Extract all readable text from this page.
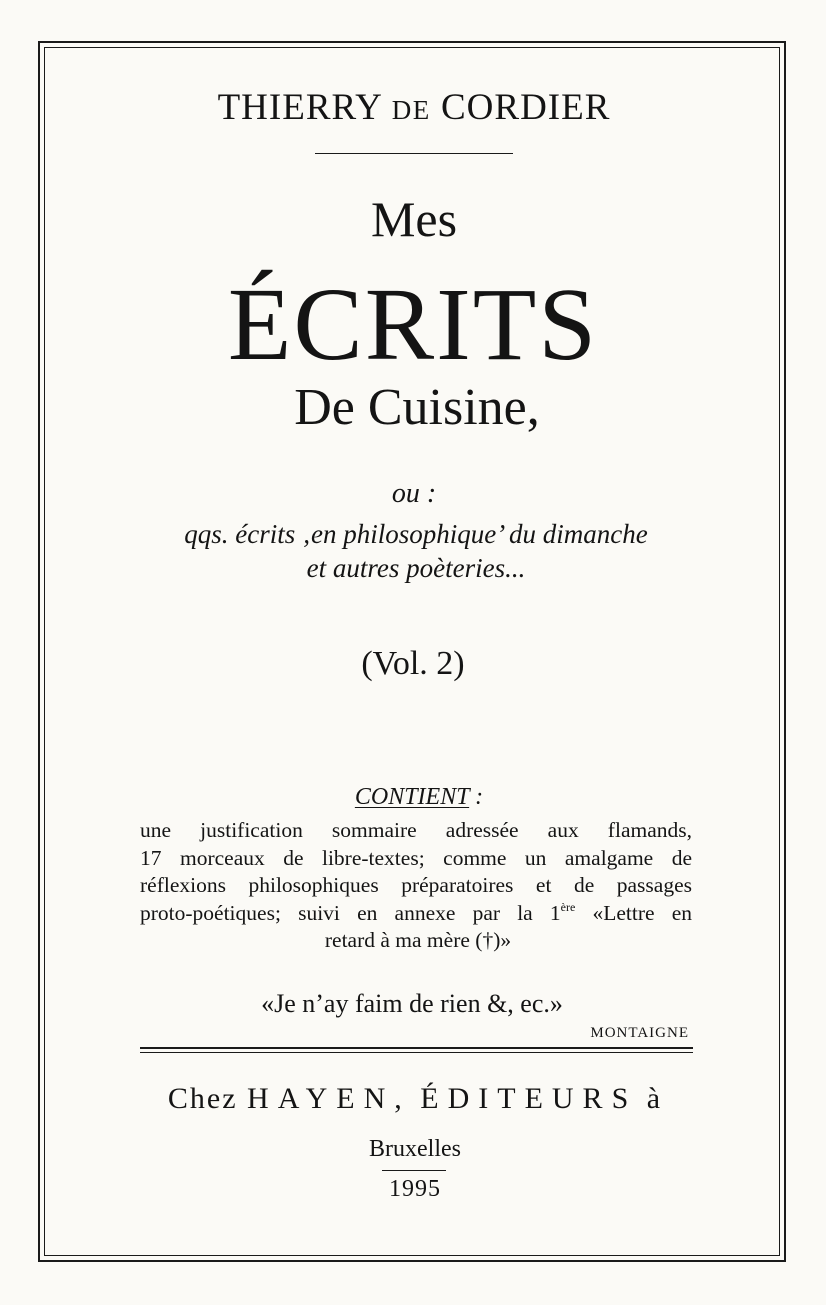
THIERRY DE CORDIER
Mes
ÉCRITS
De Cuisine,
ou :
qqs. écrits ‚en philosophique’ du dimanche
et autres poèteries...
(Vol. 2)
CONTIENT :
une justification sommaire adressée aux flamands,
17 morceaux de libre-textes; comme un amalgame de
réflexions philosophiques préparatoires et de passages
proto-poétiques; suivi en annexe par la 1ère «Lettre en
retard à ma mère (†)»
«Je n’ay faim de rien &, ec.»
MONTAIGNE
Chez HAYEN, ÉDITEURS à
Bruxelles
1995
